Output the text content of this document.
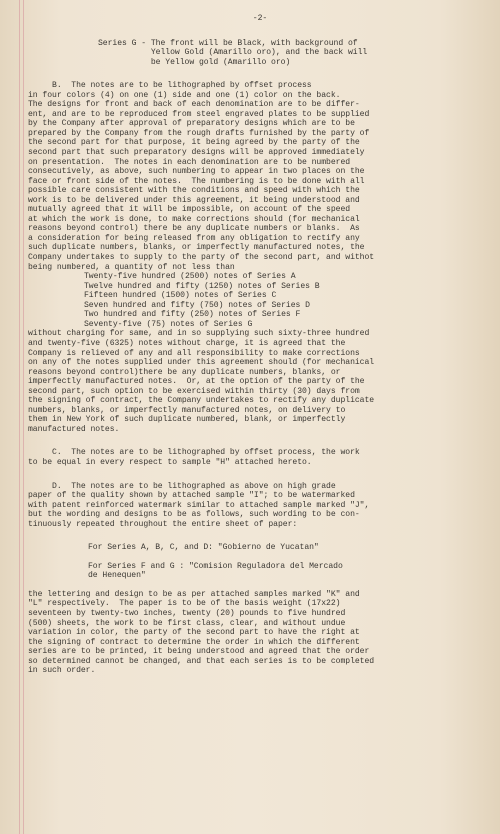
-2-
Series G - The front will be Black, with background of
Yellow Gold (Amarillo oro), and the back will
be Yellow gold (Amarillo oro)
B.  The notes are to be lithographed by offset process
in four colors (4) on one (1) side and one (1) color on the back.
The designs for front and back of each denomination are to be differ-
ent, and are to be reproduced from steel engraved plates to be supplied
by the Company after approval of preparatory designs which are to be
prepared by the Company from the rough drafts furnished by the party of
the second part for that purpose, it being agreed by the party of the
second part that such preparatory designs will be approved immediately
on presentation.  The notes in each denomination are to be numbered
consecutively, as above, such numbering to appear in two places on the
face or front side of the notes.  The numbering is to be done with all
possible care consistent with the conditions and speed with which the
work is to be delivered under this agreement, it being understood and
mutually agreed that it will be impossible, on account of the speed
at which the work is done, to make corrections should (for mechanical
reasons beyond control) there be any duplicate numbers or blanks.  As
a consideration for being released from any obligation to rectify any
such duplicate numbers, blanks, or imperfectly manufactured notes, the
Company undertakes to supply to the party of the second part, and withot
being numbered, a quantity of not less than
Twenty-five hundred (2500) notes of Series A
Twelve hundred and fifty (1250) notes of Series B
Fifteen hundred (1500) notes of Series C
Seven hundred and fifty (750) notes of Series D
Two hundred and fifty (250) notes of Series F
Seventy-five (75) notes of Series G
without charging for same, and in so supplying such sixty-three hundred
and twenty-five (6325) notes without charge, it is agreed that the
Company is relieved of any and all responsibility to make corrections
on any of the notes supplied under this agreement should (for mechanical
reasons beyond control)there be any duplicate numbers, blanks, or
imperfectly manufactured notes.  Or, at the option of the party of the
second part, such option to be exercised within thirty (30) days from
the signing of contract, the Company undertakes to rectify any duplicate
numbers, blanks, or imperfectly manufactured notes, on delivery to
them in New York of such duplicate numbered, blank, or imperfectly
manufactured notes.
C.  The notes are to be lithographed by offset process, the work
to be equal in every respect to sample "H" attached hereto.
D.  The notes are to be lithographed as above on high grade
paper of the quality shown by attached sample "I"; to be watermarked
with patent reinforced watermark similar to attached sample marked "J",
but the wording and designs to be as follows, such wording to be con-
tinuously repeated throughout the entire sheet of paper:
For Series A, B, C, and D: "Gobierno de Yucatan"
For Series F and G : "Comision Reguladora del Mercado
de Henequen"
the lettering and design to be as per attached samples marked "K" and
"L" respectively.  The paper is to be of the basis weight (17x22)
seventeen by twenty-two inches, twenty (20) pounds to five hundred
(500) sheets, the work to be first class, clear, and without undue
variation in color, the party of the second part to have the right at
the signing of contract to determine the order in which the different
series are to be printed, it being understood and agreed that the order
so determined cannot be changed, and that each series is to be completed
in such order.
